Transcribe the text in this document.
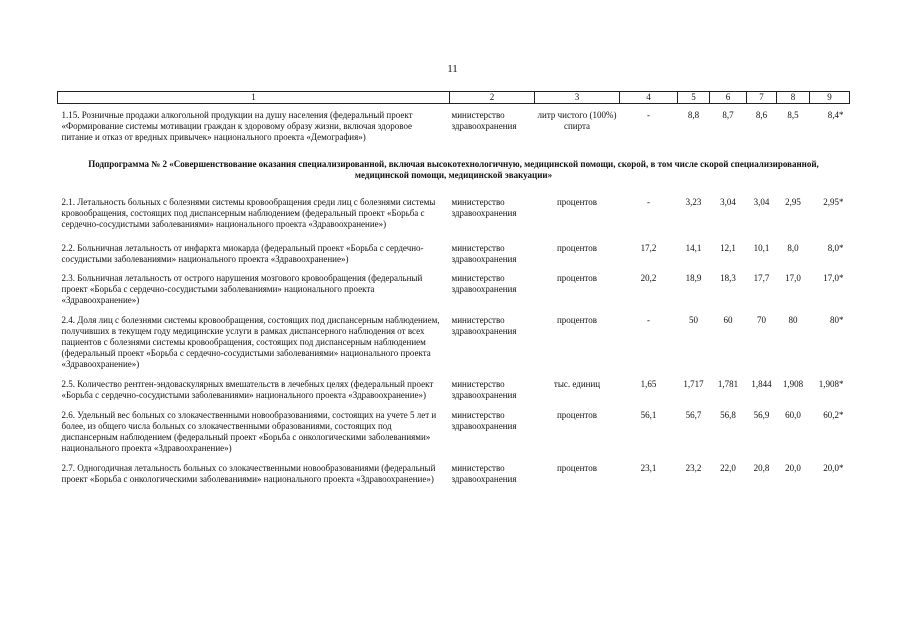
11
1	2	3	4	5	6	7	8	9

1.15. Розничные продажи алкогольной продукции на душу населения (федеральный проект «Формирование системы мотивации граждан к здоровому образу жизни, включая здоровое питание и отказ от вредных привычек» национального проекта «Демография»)	министерство здравоохранения	литр чистого (100%) спирта	-	8,8	8,7	8,6	8,5	8,4*

Подпрограмма № 2 «Совершенствование оказания специализированной, включая высокотехнологичную, медицинской помощи, скорой, в том числе скорой специализированной, медицинской помощи, медицинской эвакуации»								

2.1. Летальность больных с болезнями системы кровообращения среди лиц с болезнями системы кровообращения, состоящих под диспансерным наблюдением (федеральный проект «Борьба с сердечно-сосудистыми заболеваниями» национального проекта «Здравоохранение»)	министерство здравоохранения	процентов	-	3,23	3,04	3,04	2,95	2,95*

2.2. Больничная летальность от инфаркта миокарда (федеральный проект «Борьба с сердечно-сосудистыми заболеваниями» национального проекта «Здравоохранение»)	министерство здравоохранения	процентов	17,2	14,1	12,1	10,1	8,0	8,0*

2.3. Больничная летальность от острого нарушения мозгового кровообращения (федеральный проект «Борьба с сердечно-сосудистыми заболеваниями» национального проекта «Здравоохранение»)	министерство здравоохранения	процентов	20,2	18,9	18,3	17,7	17,0	17,0*

2.4. Доля лиц с болезнями системы кровообращения, состоящих под диспансерным наблюдением, получивших в текущем году медицинские услуги в рамках диспансерного наблюдения от всех пациентов с болезнями системы кровообращения, состоящих под диспансерным наблюдением (федеральный проект «Борьба с сердечно-сосудистыми заболеваниями» национального проекта «Здравоохранение»)	министерство здравоохранения	процентов	-	50	60	70	80	80*

2.5. Количество рентген-эндоваскулярных вмешательств в лечебных целях (федеральный проект «Борьба с сердечно-сосудистыми заболеваниями» национального проекта «Здравоохранение»)	министерство здравоохранения	тыс. единиц	1,65	1,717	1,781	1,844	1,908	1,908*

2.6. Удельный вес больных со злокачественными новообразованиями, состоящих на учете 5 лет и более, из общего числа больных со злокачественными образованиями, состоящих под диспансерным наблюдением (федеральный проект «Борьба с онкологическими заболеваниями» национального проекта «Здравоохранение»)	министерство здравоохранения	процентов	56,1	56,7	56,8	56,9	60,0	60,2*

2.7. Одногодичная летальность больных со злокачественными новообразованиями (федеральный проект «Борьба с онкологическими заболеваниями» национального проекта «Здравоохранение»)	министерство здравоохранения	процентов	23,1	23,2	22,0	20,8	20,0	20,0*
